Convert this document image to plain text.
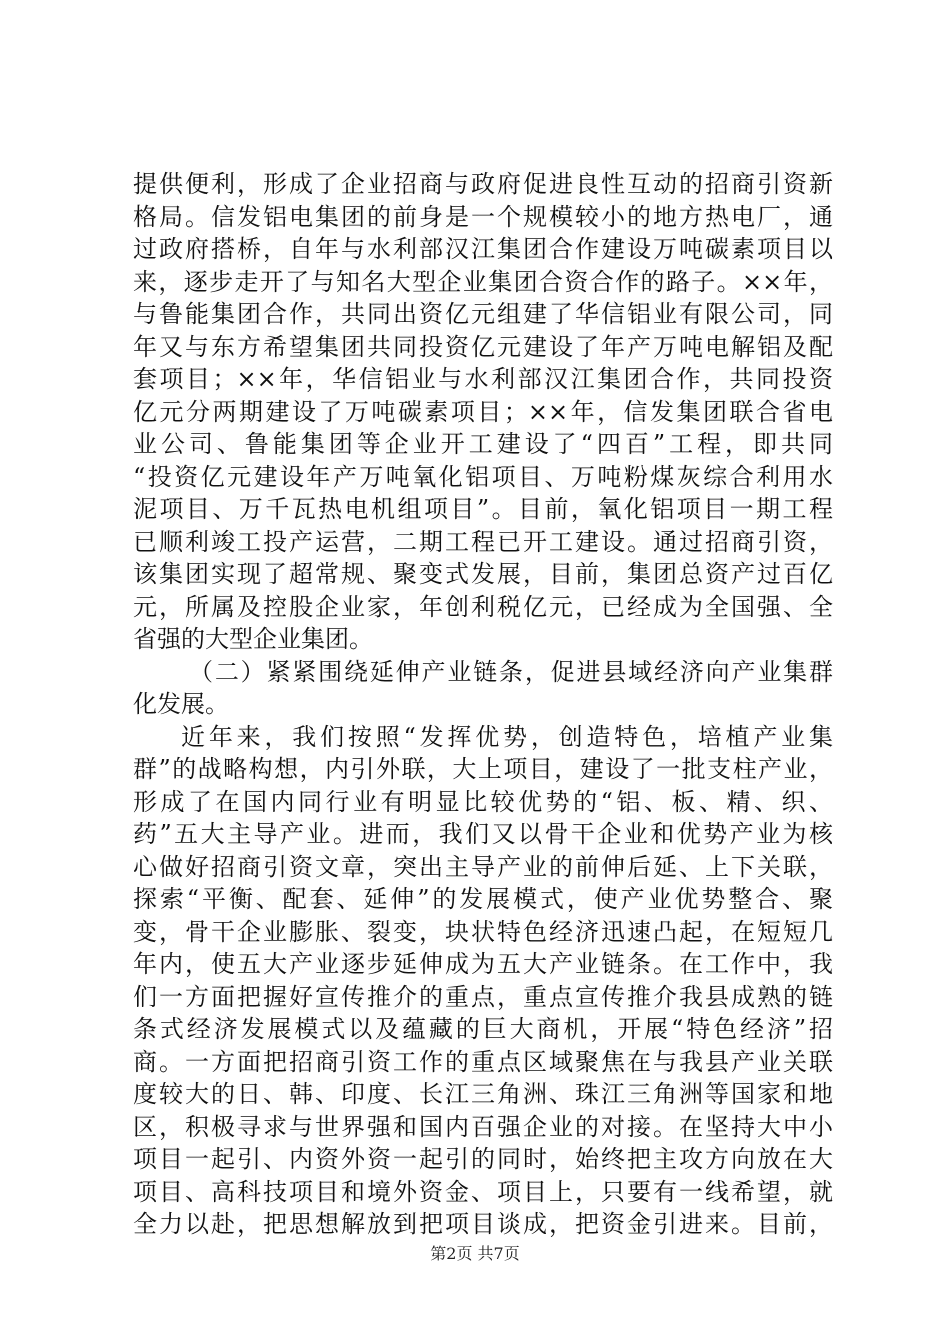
提供便利，形成了企业招商与政府促进良性互动的招商引资新
格局。信发铝电集团的前身是一个规模较小的地方热电厂，通
过政府搭桥，自年与水利部汉江集团合作建设万吨碳素项目以
来，逐步走开了与知名大型企业集团合资合作的路子。××年，
与鲁能集团合作，共同出资亿元组建了华信铝业有限公司，同
年又与东方希望集团共同投资亿元建设了年产万吨电解铝及配
套项目；××年，华信铝业与水利部汉江集团合作，共同投资
亿元分两期建设了万吨碳素项目；××年，信发集团联合省电
业公司、鲁能集团等企业开工建设了“四百”工程，即共同
“投资亿元建设年产万吨氧化铝项目、万吨粉煤灰综合利用水
泥项目、万千瓦热电机组项目”。目前，氧化铝项目一期工程
已顺利竣工投产运营，二期工程已开工建设。通过招商引资，
该集团实现了超常规、聚变式发展，目前，集团总资产过百亿
元，所属及控股企业家，年创利税亿元，已经成为全国强、全
省强的大型企业集团。
（二）紧紧围绕延伸产业链条，促进县域经济向产业集群
化发展。
近年来，我们按照“发挥优势，创造特色，培植产业集
群”的战略构想，内引外联，大上项目，建设了一批支柱产业，
形成了在国内同行业有明显比较优势的“铝、板、精、织、
药”五大主导产业。进而，我们又以骨干企业和优势产业为核
心做好招商引资文章，突出主导产业的前伸后延、上下关联，
探索“平衡、配套、延伸”的发展模式，使产业优势整合、聚
变，骨干企业膨胀、裂变，块状特色经济迅速凸起，在短短几
年内，使五大产业逐步延伸成为五大产业链条。在工作中，我
们一方面把握好宣传推介的重点，重点宣传推介我县成熟的链
条式经济发展模式以及蕴藏的巨大商机，开展“特色经济”招
商。一方面把招商引资工作的重点区域聚焦在与我县产业关联
度较大的日、韩、印度、长江三角洲、珠江三角洲等国家和地
区，积极寻求与世界强和国内百强企业的对接。在坚持大中小
项目一起引、内资外资一起引的同时，始终把主攻方向放在大
项目、高科技项目和境外资金、项目上，只要有一线希望，就
全力以赴，把思想解放到把项目谈成，把资金引进来。目前，
第2页 共7页
